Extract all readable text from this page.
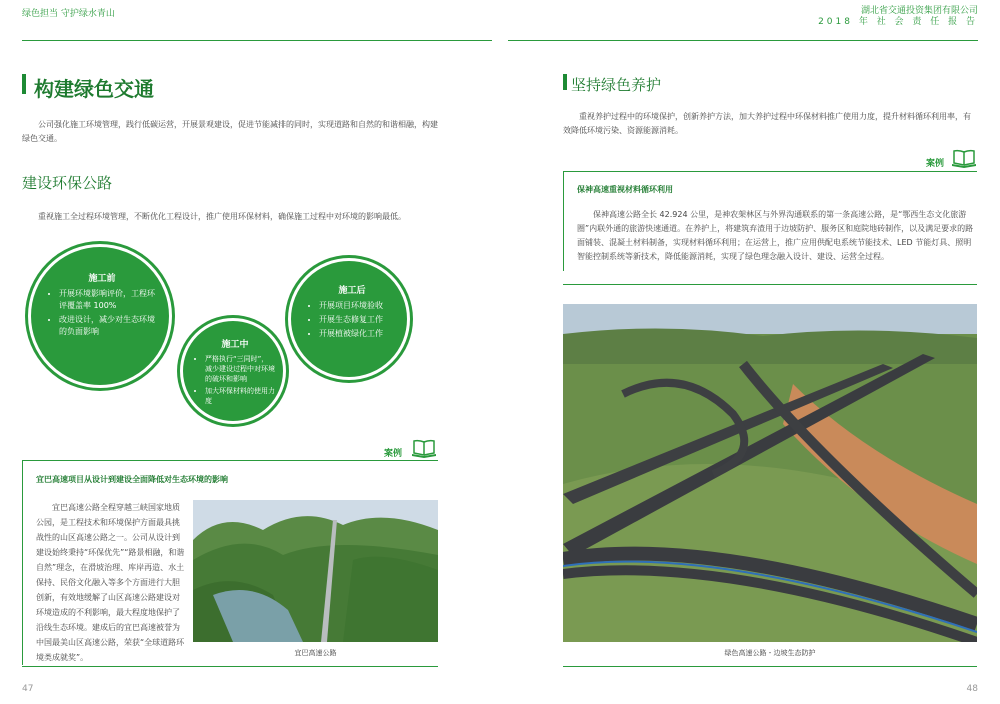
绿色担当 守护绿水青山	湖北省交通投资集团有限公司
2018 年 社 会 责 任 报 告
构建绿色交通
公司强化施工环境管理，践行低碳运营，开展景观建设，促进节能减排的同时，实现道路和自然的和谐相融，构建绿色交通。
建设环保公路
重视施工全过程环境管理，不断优化工程设计，推广使用环保材料，确保施工过程中对环境的影响最低。
施工前
• 开展环境影响评价，工程环评覆盖率 100%
• 改进设计，减少对生态环境的负面影响
施工中
• 严格执行“三同时”，减少建设过程中对环境的破坏和影响
• 加大环保材料的使用力度
施工后
• 开展项目环境验收
• 开展生态修复工作
• 开展植被绿化工作
案例
宜巴高速项目从设计到建设全面降低对生态环境的影响
宜巴高速公路全程穿越三峡国家地质公园，是工程技术和环境保护方面最具挑战性的山区高速公路之一。公司从设计到建设始终秉持“环保优先”“路景相融，和谐自然”理念，在滑坡治理、库岸再造、水土保持、民俗文化融入等多个方面进行大胆创新，有效地缓解了山区高速公路建设对环境造成的不利影响，最大程度地保护了沿线生态环境。建成后的宜巴高速被誉为中国最美山区高速公路，荣获“全球道路环境类成就奖”。	宜巴高速公路
47
坚持绿色养护
重视养护过程中的环境保护，创新养护方法，加大养护过程中环保材料推广使用力度，提升材料循环利用率，有效降低环境污染、资源能源消耗。
案例
保神高速重视材料循环利用
保神高速公路全长 42.924 公里，是神农架林区与外界沟通联系的第一条高速公路，是“鄂西生态文化旅游圈”内联外通的旅游快速通道。在养护上，将建筑弃渣用于边坡防护、服务区和庭院地砖制作，以及满足要求的路面铺装、混凝土材料制备，实现材料循环利用；在运营上，推广应用供配电系统节能技术、LED 节能灯具、照明智能控制系统等新技术，降低能源消耗，实现了绿色理念融入设计、建设、运营全过程。
绿色高速公路 - 边坡生态防护
48
